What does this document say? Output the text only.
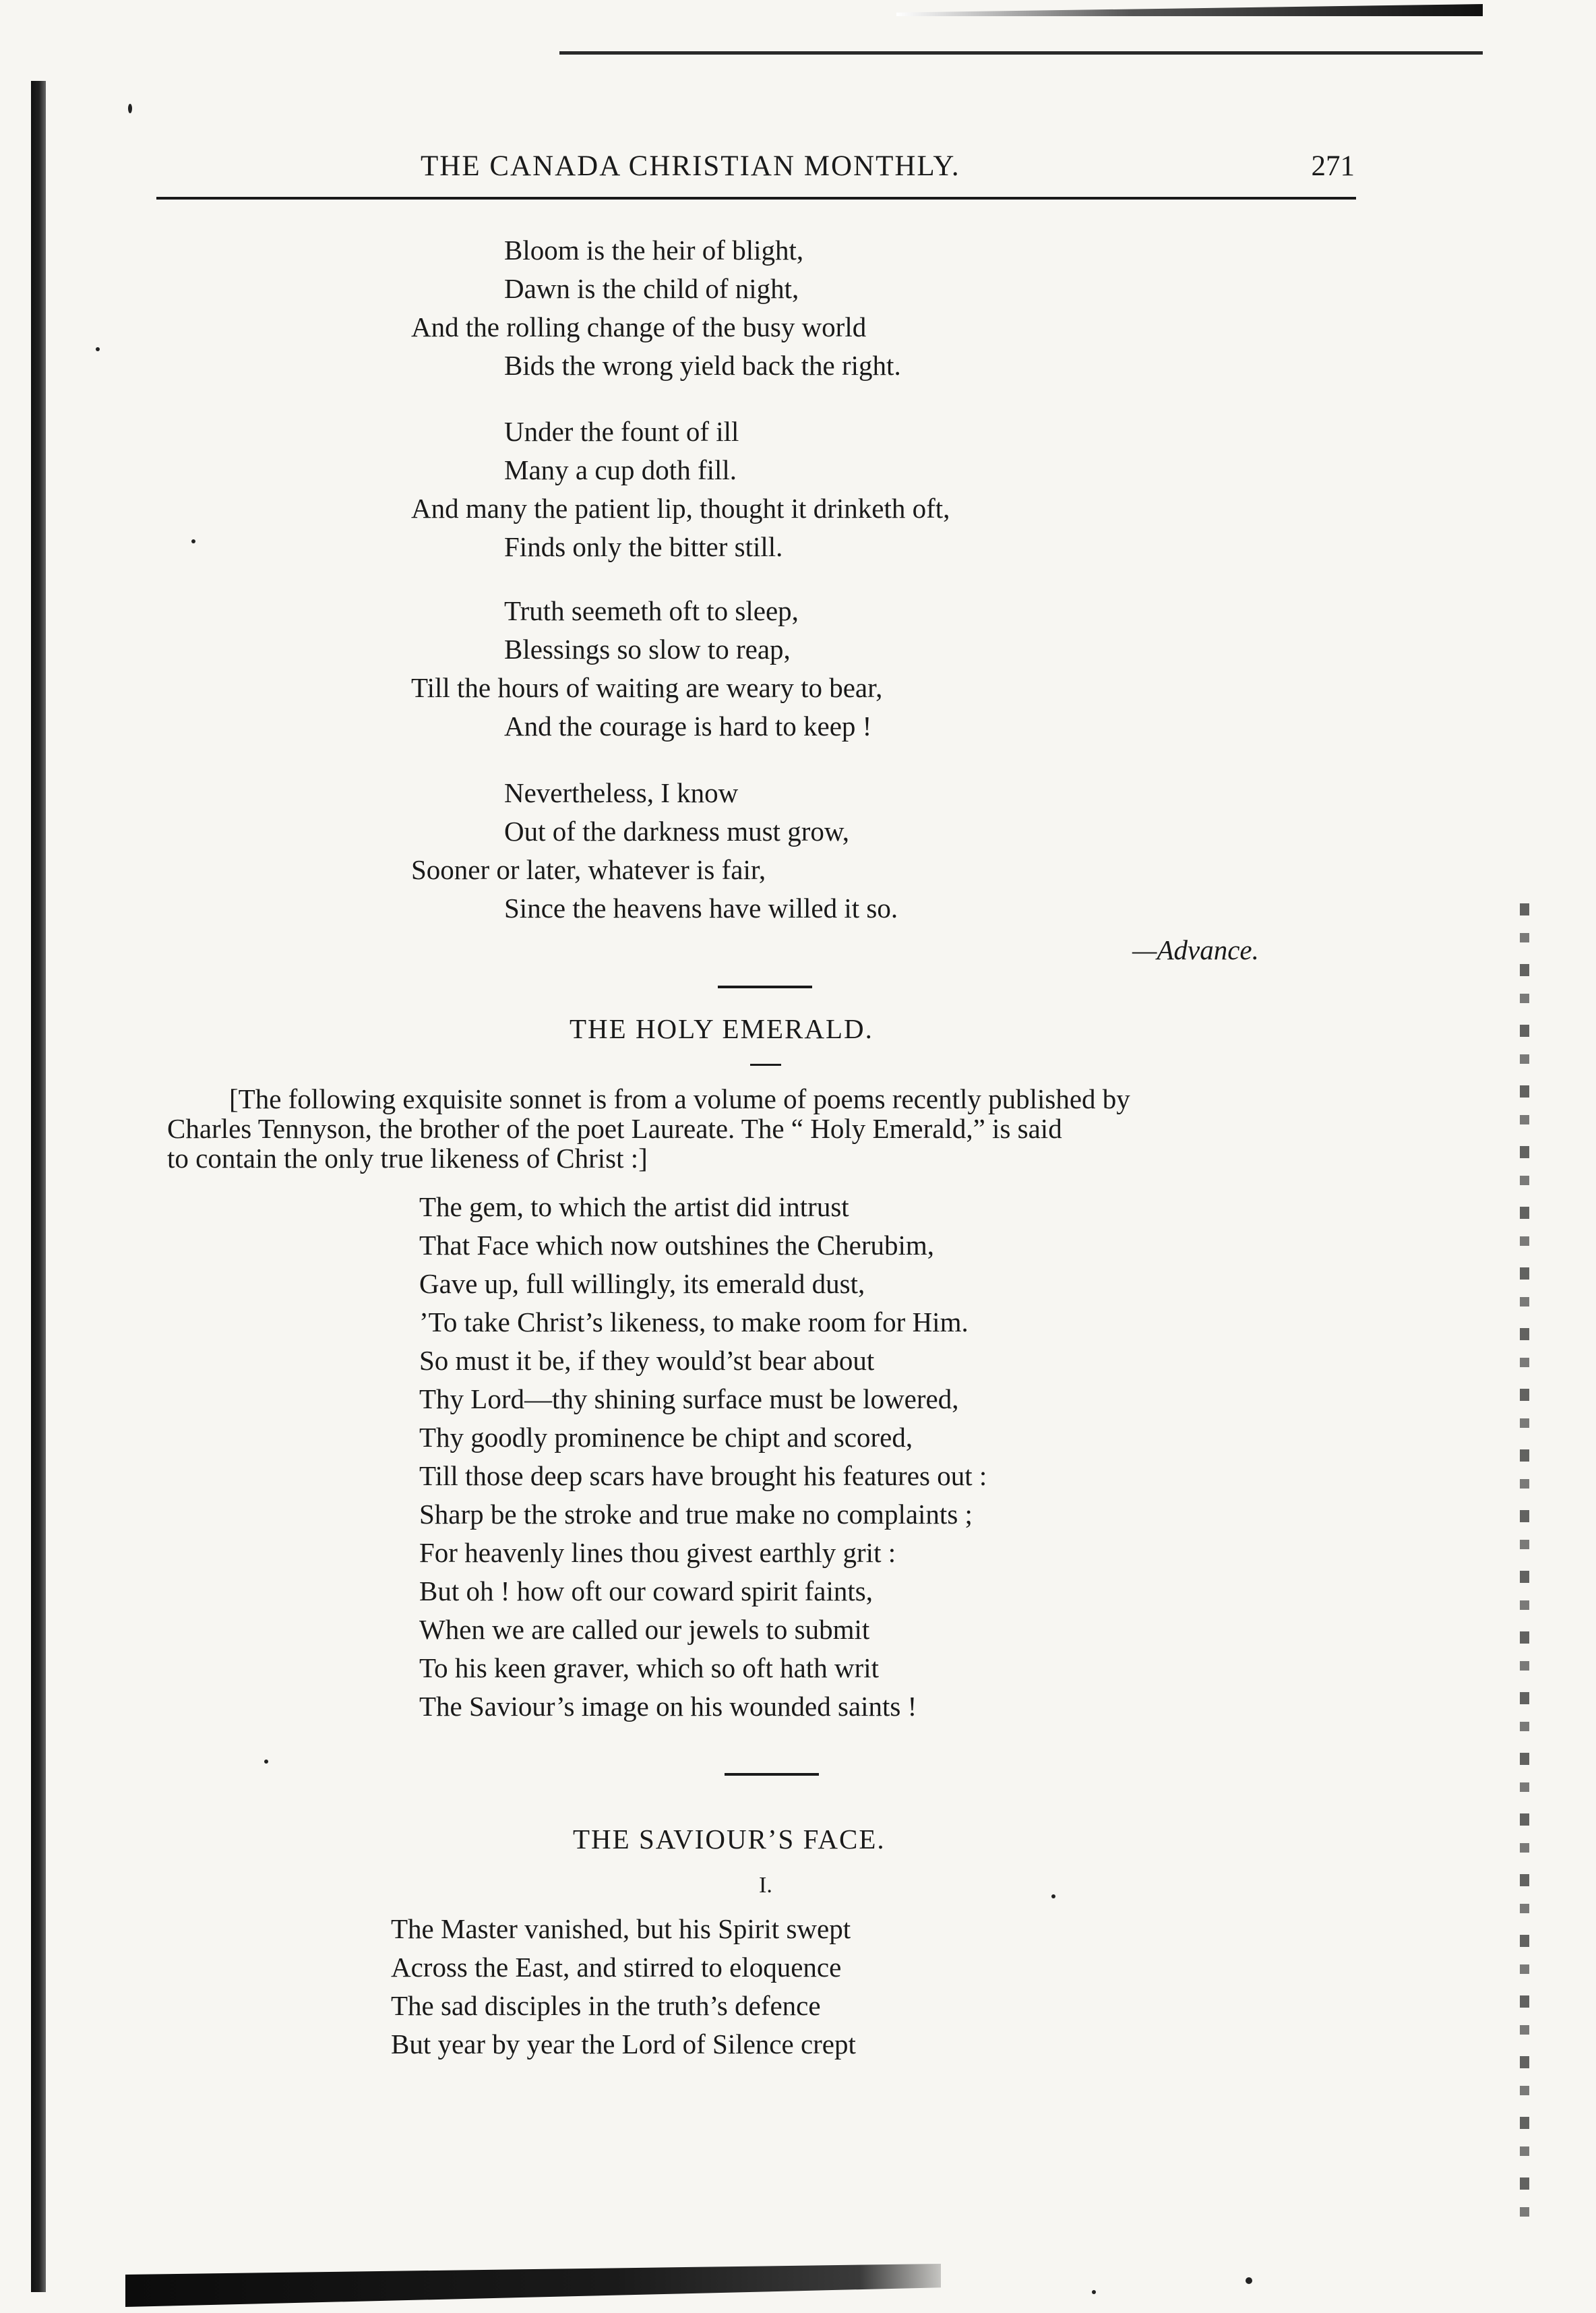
THE CANADA CHRISTIAN MONTHLY.	271
Bloom is the heir of blight,
Dawn is the child of night,
And the rolling change of the busy world
Bids the wrong yield back the right.
Under the fount of ill
Many a cup doth fill.
And many the patient lip, thought it drinketh oft,
Finds only the bitter still.
Truth seemeth oft to sleep,
Blessings so slow to reap,
Till the hours of waiting are weary to bear,
And the courage is hard to keep !
Nevertheless, I know
Out of the darkness must grow,
Sooner or later, whatever is fair,
Since the heavens have willed it so.
—Advance.
THE HOLY EMERALD.
[The following exquisite sonnet is from a volume of poems recently published by
Charles Tennyson, the brother of the poet Laureate. The “ Holy Emerald,” is said
to contain the only true likeness of Christ :]
The gem, to which the artist did intrust
That Face which now outshines the Cherubim,
Gave up, full willingly, its emerald dust,
’To take Christ’s likeness, to make room for Him.
So must it be, if they would’st bear about
Thy Lord—thy shining surface must be lowered,
Thy goodly prominence be chipt and scored,
Till those deep scars have brought his features out :
Sharp be the stroke and true make no complaints ;
For heavenly lines thou givest earthly grit :
But oh ! how oft our coward spirit faints,
When we are called our jewels to submit
To his keen graver, which so oft hath writ
The Saviour’s image on his wounded saints !
THE SAVIOUR’S FACE.
I.
The Master vanished, but his Spirit swept
Across the East, and stirred to eloquence
The sad disciples in the truth’s defence
But year by year the Lord of Silence crept
